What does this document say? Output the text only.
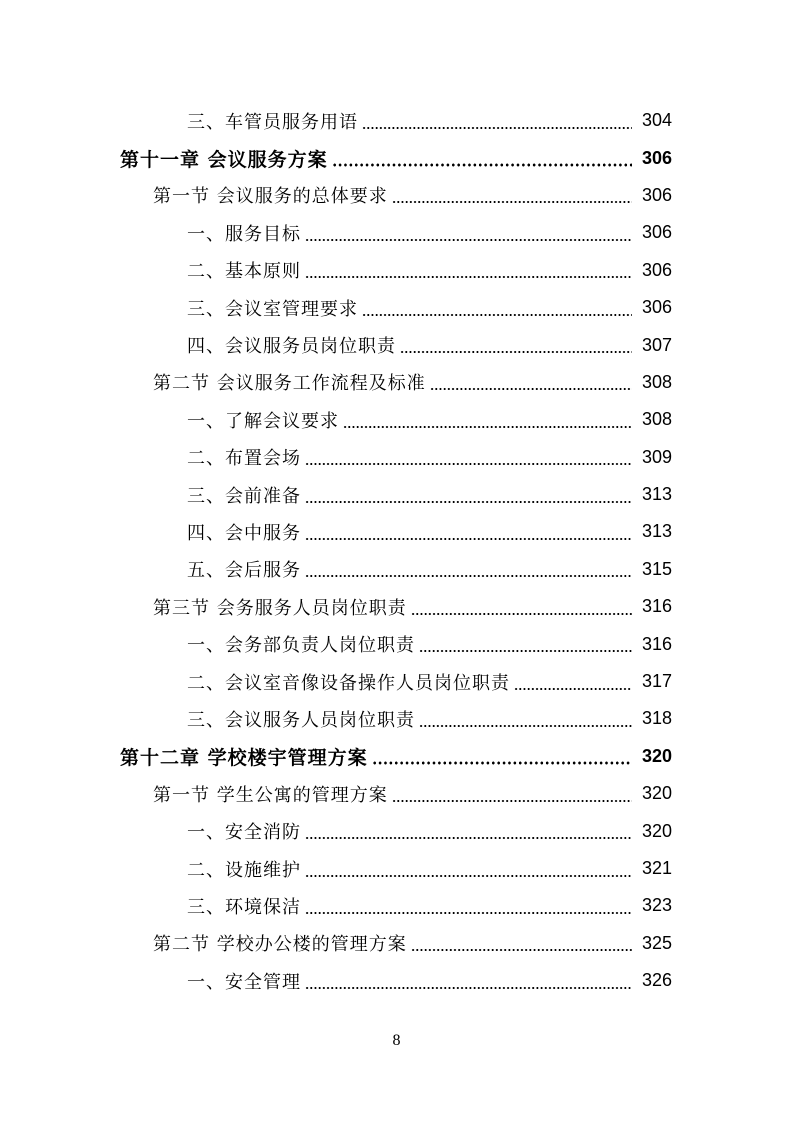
三、车管员服务用语	304
第十一章 会议服务方案	306
第一节 会议服务的总体要求	306
一、服务目标	306
二、基本原则	306
三、会议室管理要求	306
四、会议服务员岗位职责	307
第二节 会议服务工作流程及标准	308
一、了解会议要求	308
二、布置会场	309
三、会前准备	313
四、会中服务	313
五、会后服务	315
第三节 会务服务人员岗位职责	316
一、会务部负责人岗位职责	316
二、会议室音像设备操作人员岗位职责	317
三、会议服务人员岗位职责	318
第十二章 学校楼宇管理方案	320
第一节 学生公寓的管理方案	320
一、安全消防	320
二、设施维护	321
三、环境保洁	323
第二节 学校办公楼的管理方案	325
一、安全管理	326
8
